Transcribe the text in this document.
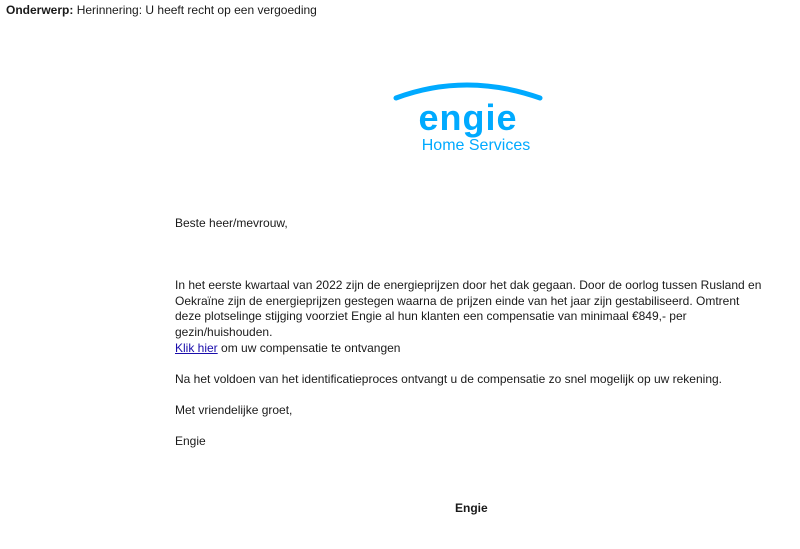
Onderwerp: Herinnering: U heeft recht op een vergoeding
engie
Home Services
Beste heer/mevrouw,
In het eerste kwartaal van 2022 zijn de energieprijzen door het dak gegaan. Door de oorlog tussen Rusland en Oekraïne zijn de energieprijzen gestegen waarna de prijzen einde van het jaar zijn gestabiliseerd. Omtrent deze plotselinge stijging voorziet Engie al hun klanten een compensatie van minimaal €849,- per gezin/huishouden.
Klik hier om uw compensatie te ontvangen
Na het voldoen van het identificatieproces ontvangt u de compensatie zo snel mogelijk op uw rekening.
Met vriendelijke groet,
Engie
Engie
